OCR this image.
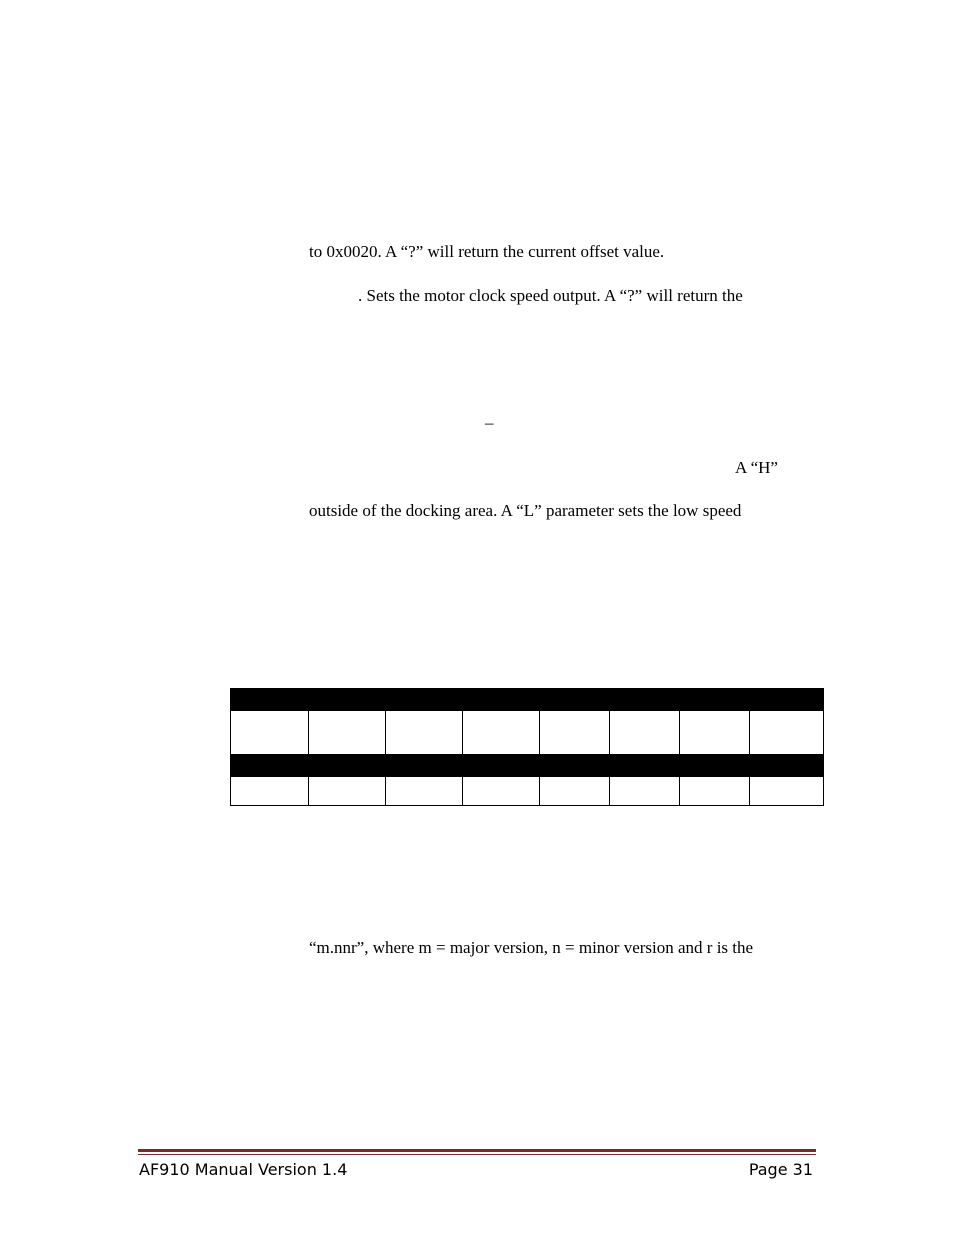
to 0x0020. A “?” will return the current offset value.
. Sets the motor clock speed output. A “?” will return the
–
A “H”
outside of the docking area. A “L” parameter sets the low speed

“m.nnr”, where m = major version, n = minor version and r is the
AF910 Manual Version 1.4	Page 31
